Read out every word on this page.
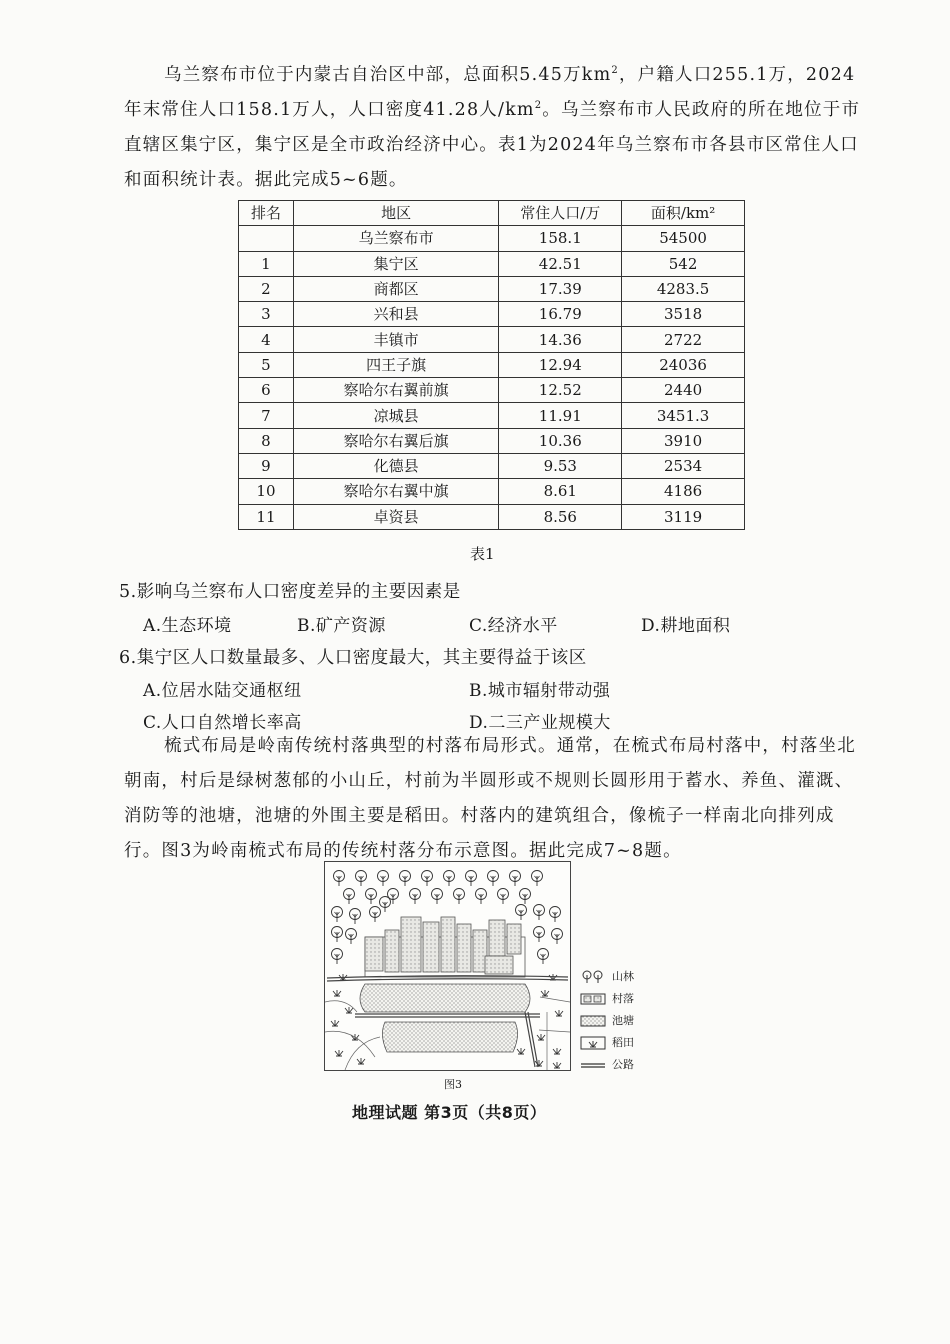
乌兰察布市位于内蒙古自治区中部，总面积5.45万$km^2$，户籍人口255.1万，2024年末常住人口158.1万人，人口密度41.28人$/km^2$。乌兰察布市人民政府的所在地位于市直辖区集宁区，集宁区是全市政治经济中心。表1为2024年乌兰察布市各县市区常住人口和面积统计表。据此完成5~6题。

排名	地区	常住人口/万	面积/km²
	乌兰察布市	158.1	54500
1	集宁区	42.51	542
2	商都区	17.39	4283.5
3	兴和县	16.79	3518
4	丰镇市	14.36	2722
5	四王子旗	12.94	24036
6	察哈尔右翼前旗	12.52	2440
7	凉城县	11.91	3451.3
8	察哈尔右翼后旗	10.36	3910
9	化德县	9.53	2534
10	察哈尔右翼中旗	8.61	4186
11	卓资县	8.56	3119
表1
5.影响乌兰察布人口密度差异的主要因素是
A.生态环境	B.矿产资源	C.经济水平	D.耕地面积
6.集宁区人口数量最多、人口密度最大，其主要得益于该区
A.位居水陆交通枢纽	B.城市辐射带动强
C.人口自然增长率高	D.二三产业规模大

梳式布局是岭南传统村落典型的村落布局形式。通常，在梳式布局村落中，村落坐北朝南，村后是绿树葱郁的小山丘，村前为半圆形或不规则长圆形用于蓄水、养鱼、灌溉、消防等的池塘，池塘的外围主要是稻田。村落内的建筑组合，像梳子一样南北向排列成行。图3为岭南梳式布局的传统村落分布示意图。据此完成7~8题。

图3
山林
村落
池塘
稻田
公路
地理试题 第3页（共8页）
